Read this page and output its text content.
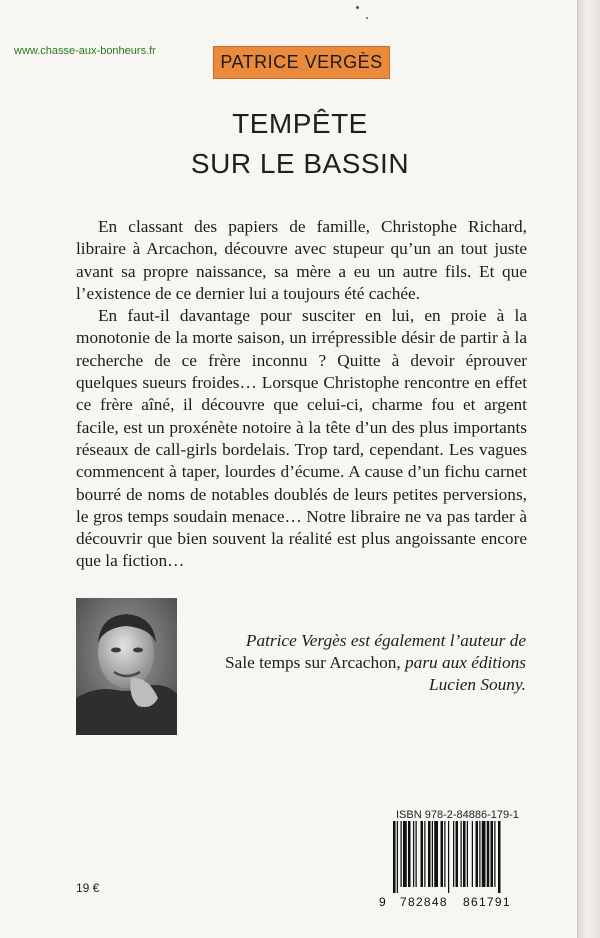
www.chasse-aux-bonheurs.fr
PATRICE VERGÈS
TEMPÊTE
SUR LE BASSIN

En classant des papiers de famille, Christophe Richard, libraire à Arcachon, découvre avec stupeur qu’un an tout juste avant sa propre naissance, sa mère a eu un autre fils. Et que l’existence de ce dernier lui a toujours été cachée.

En faut-il davantage pour susciter en lui, en proie à la monotonie de la morte saison, un irrépressible désir de partir à la recherche de ce frère inconnu ? Quitte à devoir éprouver quelques sueurs froides… Lorsque Christophe rencontre en effet ce frère aîné, il découvre que celui-ci, charme fou et argent facile, est un proxénète notoire à la tête d’un des plus importants réseaux de call-girls bordelais. Trop tard, cependant. Les vagues commencent à taper, lourdes d’écume. A cause d’un fichu carnet bourré de noms de notables doublés de leurs petites perversions, le gros temps soudain menace… Notre libraire ne va pas tarder à découvrir que bien souvent la réalité est plus angoissante encore que la fiction…

Patrice Vergès est également l’auteur de
Sale temps sur Arcachon, paru aux éditions Lucien Souny.

ISBN 978-2-84886-179-1
9 782848 861791
19 €
